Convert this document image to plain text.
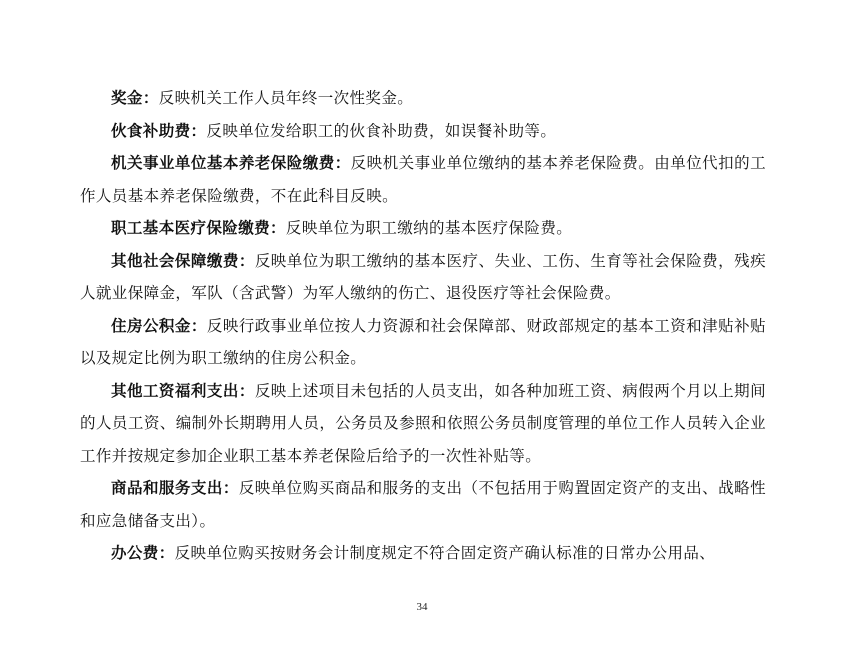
奖金：反映机关工作人员年终一次性奖金。

伙食补助费：反映单位发给职工的伙食补助费，如误餐补助等。

机关事业单位基本养老保险缴费：反映机关事业单位缴纳的基本养老保险费。由单位代扣的工作人员基本养老保险缴费，不在此科目反映。

职工基本医疗保险缴费：反映单位为职工缴纳的基本医疗保险费。

其他社会保障缴费：反映单位为职工缴纳的基本医疗、失业、工伤、生育等社会保险费，残疾人就业保障金，军队（含武警）为军人缴纳的伤亡、退役医疗等社会保险费。

住房公积金：反映行政事业单位按人力资源和社会保障部、财政部规定的基本工资和津贴补贴以及规定比例为职工缴纳的住房公积金。

其他工资福利支出：反映上述项目未包括的人员支出，如各种加班工资、病假两个月以上期间的人员工资、编制外长期聘用人员，公务员及参照和依照公务员制度管理的单位工作人员转入企业工作并按规定参加企业职工基本养老保险后给予的一次性补贴等。

商品和服务支出：反映单位购买商品和服务的支出（不包括用于购置固定资产的支出、战略性和应急储备支出）。

办公费：反映单位购买按财务会计制度规定不符合固定资产确认标准的日常办公用品、

34
